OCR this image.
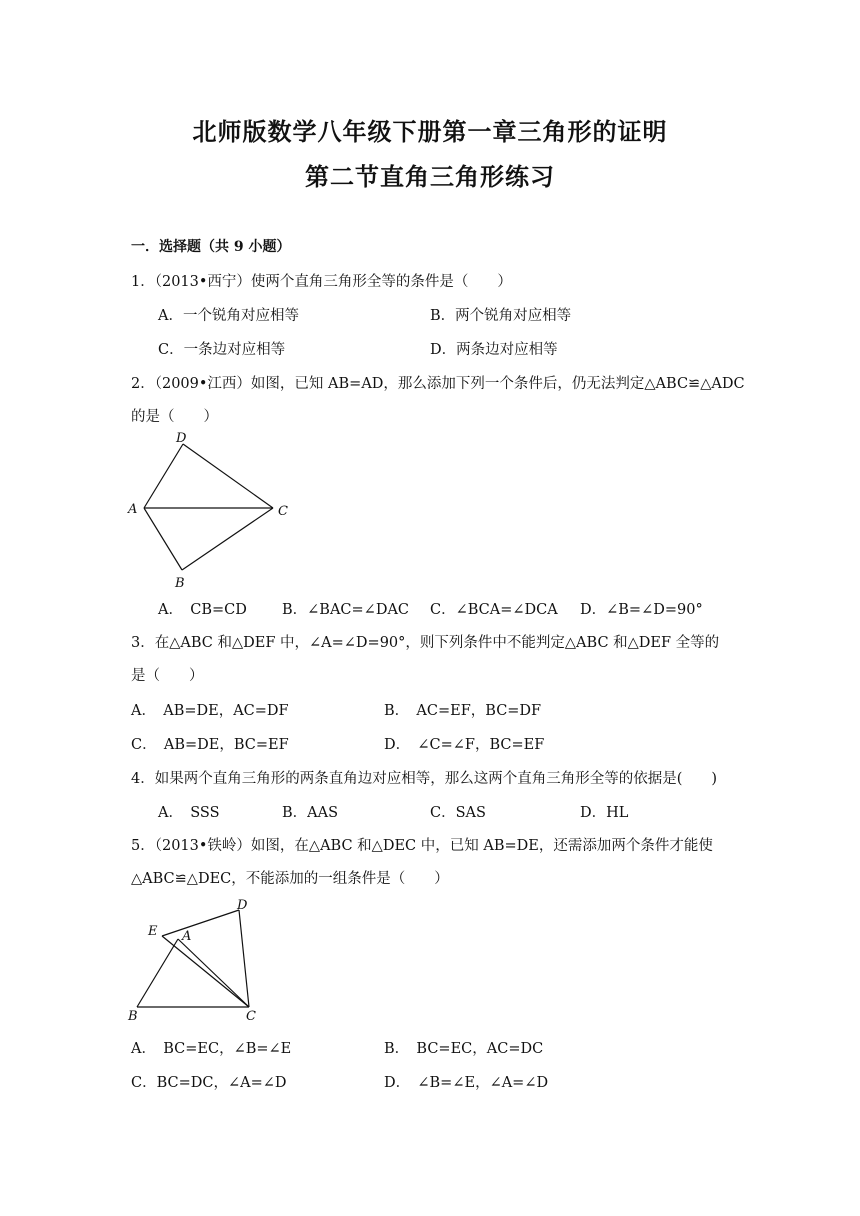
北师版数学八年级下册第一章三角形的证明
第二节直角三角形练习
一．选择题（共 9 小题）
1．（2013•西宁）使两个直角三角形全等的条件是（　　）
A．一个锐角对应相等	B．两个锐角对应相等
C．一条边对应相等	D．两条边对应相等
2．（2009•江西）如图，已知 AB=AD，那么添加下列一个条件后，仍无法判定△ABC≌△ADC
的是（　　）
D
A	C
B
A．　CB=CD B．∠BAC=∠DAC C．∠BCA=∠DCA D．∠B=∠D=90°
3．在△ABC 和△DEF 中，∠A=∠D=90°，则下列条件中不能判定△ABC 和△DEF 全等的
是（　　）
A．　AB=DE，AC=DF	B．　AC=EF，BC=DF
C．　AB=DE，BC=EF	D．　∠C=∠F，BC=EF
4．如果两个直角三角形的两条直角边对应相等，那么这两个直角三角形全等的依据是(　　)
A．　SSS	B．AAS	C．SAS	D．HL
5．（2013•铁岭）如图，在△ABC 和△DEC 中，已知 AB=DE，还需添加两个条件才能使
△ABC≌△DEC，不能添加的一组条件是（　　）
D
E A
B	C
A．　BC=EC，∠B=∠E	B．　BC=EC，AC=DC
C．BC=DC，∠A=∠D	D．　∠B=∠E，∠A=∠D
